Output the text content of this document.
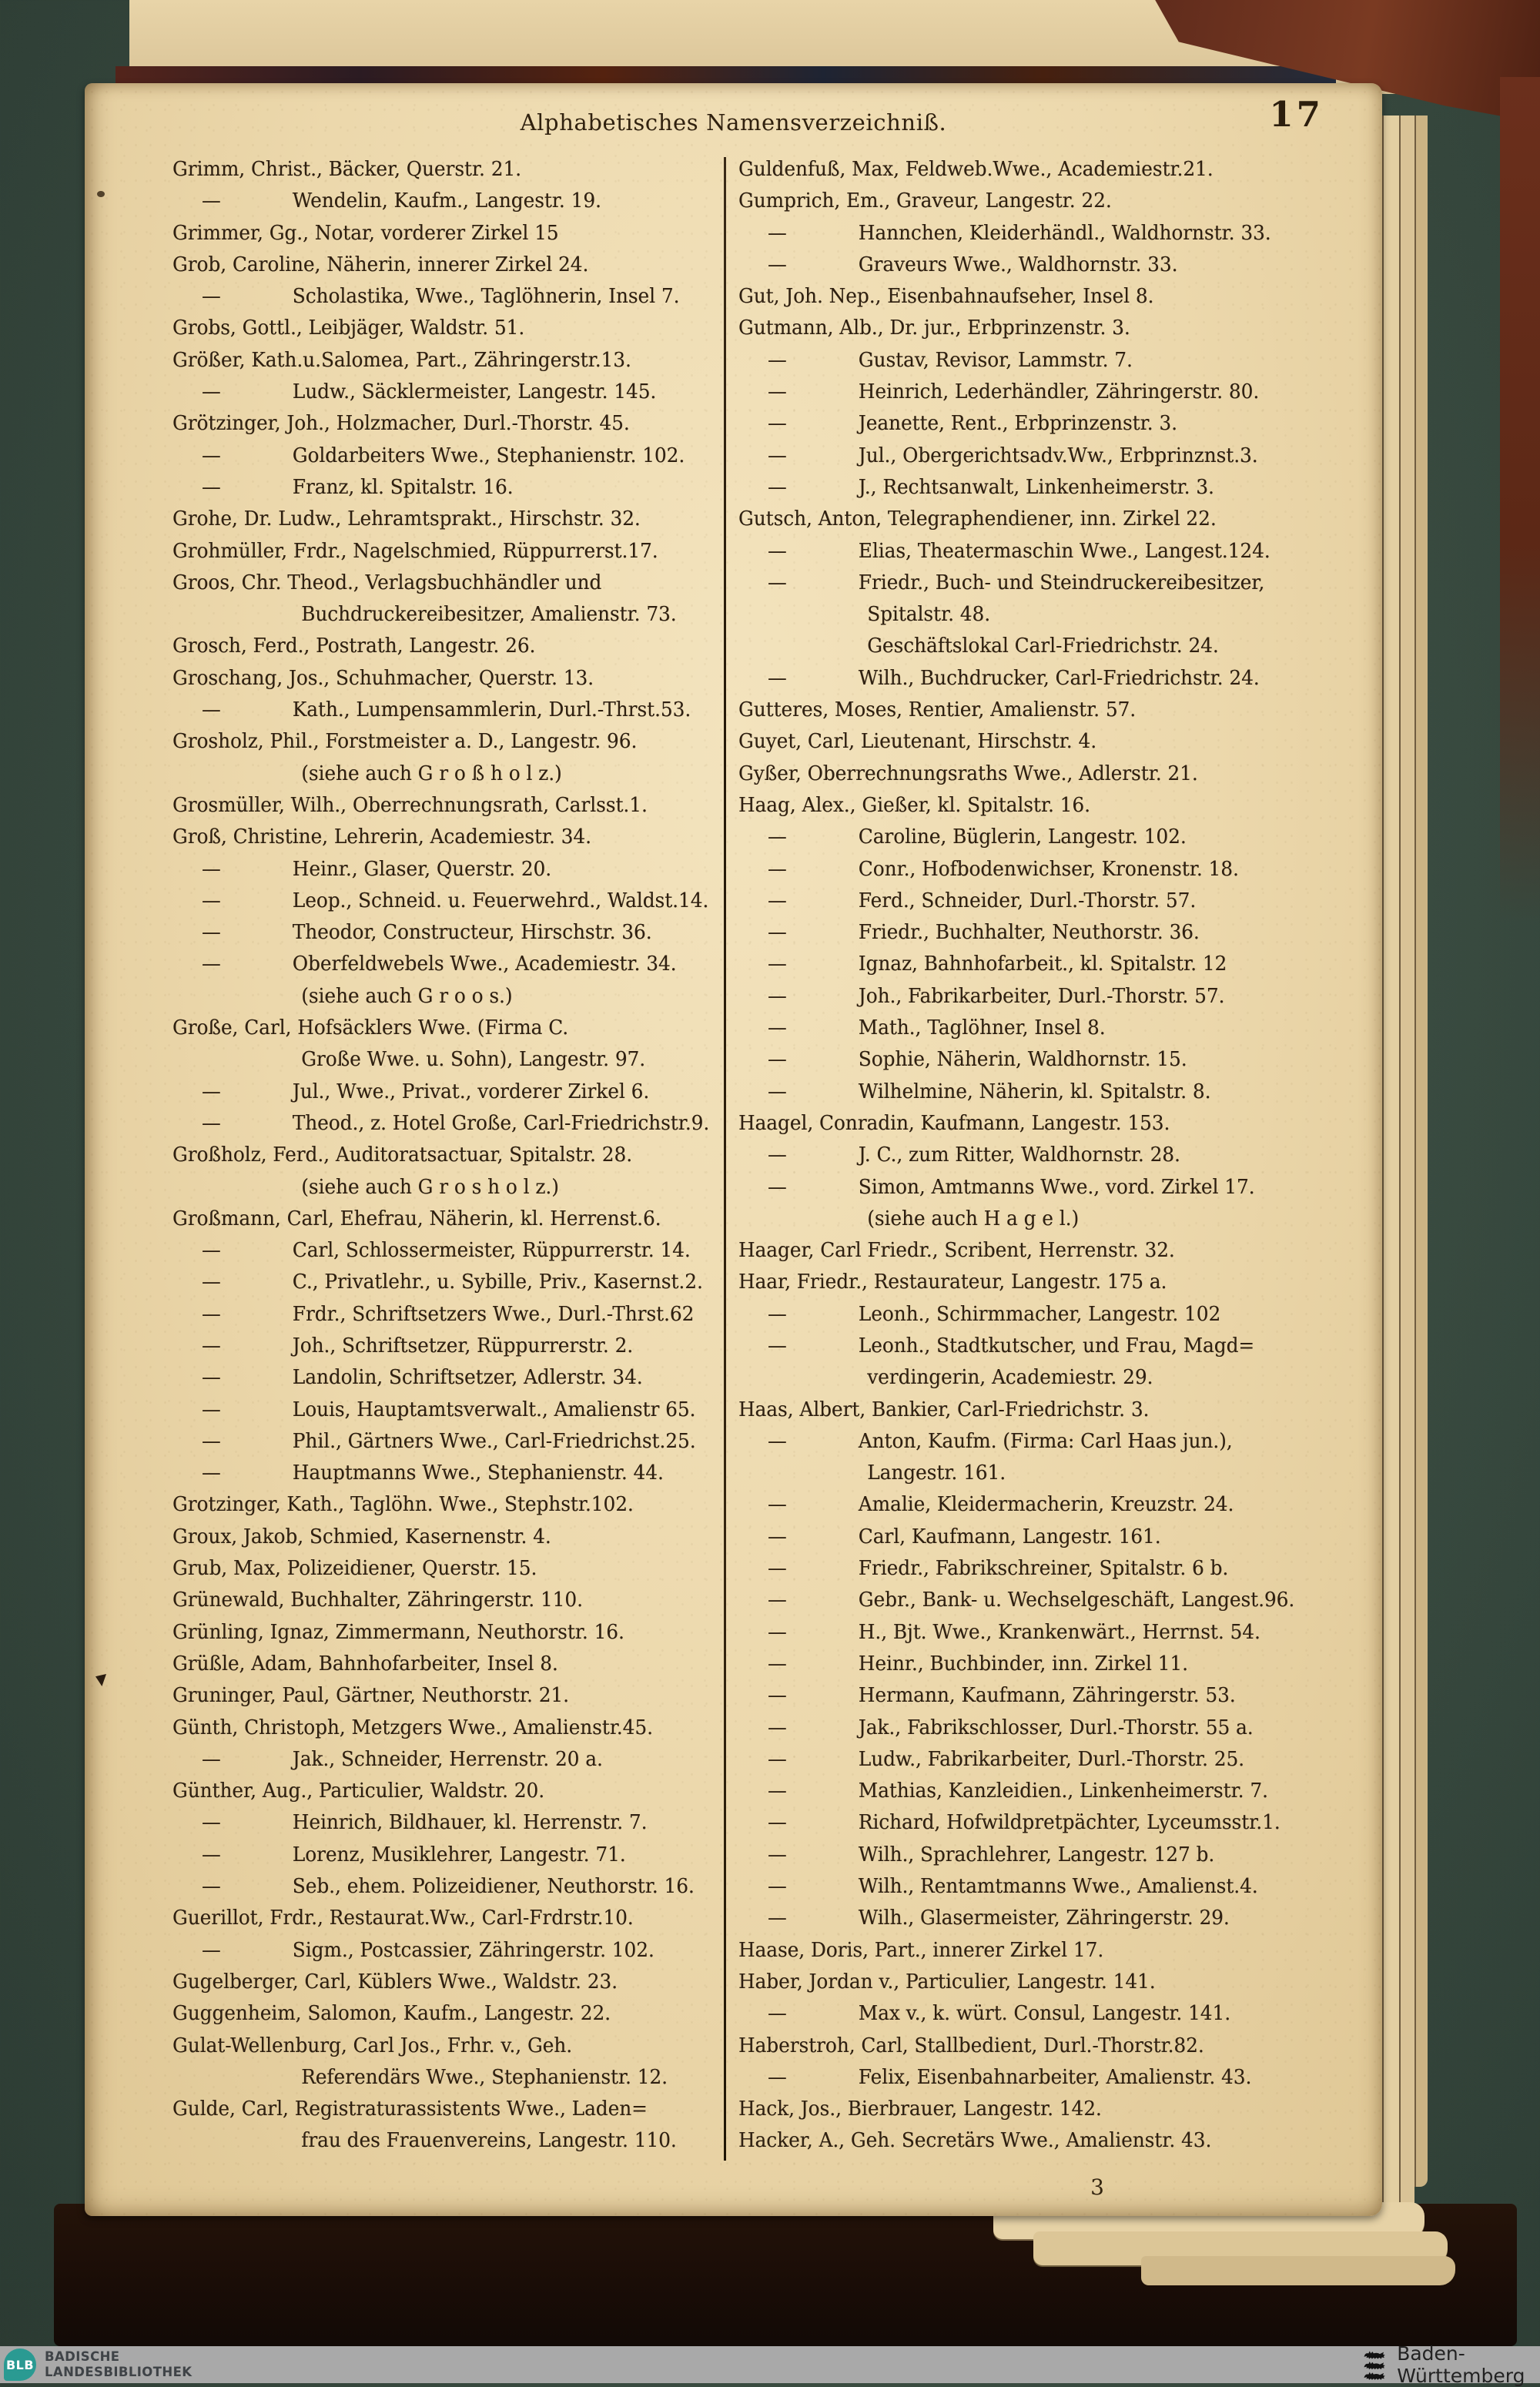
Alphabetisches Namensverzeichniß.	17
Grimm, Christ., Bäcker, Querstr. 21.
—	Wendelin, Kaufm., Langestr. 19.
Grimmer, Gg., Notar, vorderer Zirkel 15
Grob, Caroline, Näherin, innerer Zirkel 24.
—	Scholastika, Wwe., Taglöhnerin, Insel 7.
Grobs, Gottl., Leibjäger, Waldstr. 51.
Größer, Kath.u.Salomea, Part., Zähringerstr.13.
—	Ludw., Säcklermeister, Langestr. 145.
Grötzinger, Joh., Holzmacher, Durl.-Thorstr. 45.
—	Goldarbeiters Wwe., Stephanienstr. 102.
—	Franz, kl. Spitalstr. 16.
Grohe, Dr. Ludw., Lehramtsprakt., Hirschstr. 32.
Grohmüller, Frdr., Nagelschmied, Rüppurrerst.17.
Groos, Chr. Theod., Verlagsbuchhändler und
Buchdruckereibesitzer, Amalienstr. 73.
Grosch, Ferd., Postrath, Langestr. 26.
Groschang, Jos., Schuhmacher, Querstr. 13.
—	Kath., Lumpensammlerin, Durl.-Thrst.53.
Grosholz, Phil., Forstmeister a. D., Langestr. 96.
(siehe auch G r o ß h o l z.)
Grosmüller, Wilh., Oberrechnungsrath, Carlsst.1.
Groß, Christine, Lehrerin, Academiestr. 34.
—	Heinr., Glaser, Querstr. 20.
—	Leop., Schneid. u. Feuerwehrd., Waldst.14.
—	Theodor, Constructeur, Hirschstr. 36.
—	Oberfeldwebels Wwe., Academiestr. 34.
(siehe auch G r o o s.)
Große, Carl, Hofsäcklers Wwe. (Firma C.
Große Wwe. u. Sohn), Langestr. 97.
—	Jul., Wwe., Privat., vorderer Zirkel 6.
—	Theod., z. Hotel Große, Carl-Friedrichstr.9.
Großholz, Ferd., Auditoratsactuar, Spitalstr. 28.
(siehe auch G r o s h o l z.)
Großmann, Carl, Ehefrau, Näherin, kl. Herrenst.6.
—	Carl, Schlossermeister, Rüppurrerstr. 14.
—	C., Privatlehr., u. Sybille, Priv., Kasernst.2.
—	Frdr., Schriftsetzers Wwe., Durl.-Thrst.62
—	Joh., Schriftsetzer, Rüppurrerstr. 2.
—	Landolin, Schriftsetzer, Adlerstr. 34.
—	Louis, Hauptamtsverwalt., Amalienstr 65.
—	Phil., Gärtners Wwe., Carl-Friedrichst.25.
—	Hauptmanns Wwe., Stephanienstr. 44.
Grotzinger, Kath., Taglöhn. Wwe., Stephstr.102.
Groux, Jakob, Schmied, Kasernenstr. 4.
Grub, Max, Polizeidiener, Querstr. 15.
Grünewald, Buchhalter, Zähringerstr. 110.
Grünling, Ignaz, Zimmermann, Neuthorstr. 16.
Grüßle, Adam, Bahnhofarbeiter, Insel 8.
Gruninger, Paul, Gärtner, Neuthorstr. 21.
Günth, Christoph, Metzgers Wwe., Amalienstr.45.
—	Jak., Schneider, Herrenstr. 20 a.
Günther, Aug., Particulier, Waldstr. 20.
—	Heinrich, Bildhauer, kl. Herrenstr. 7.
—	Lorenz, Musiklehrer, Langestr. 71.
—	Seb., ehem. Polizeidiener, Neuthorstr. 16.
Guerillot, Frdr., Restaurat.Ww., Carl-Frdrstr.10.
—	Sigm., Postcassier, Zähringerstr. 102.
Gugelberger, Carl, Küblers Wwe., Waldstr. 23.
Guggenheim, Salomon, Kaufm., Langestr. 22.
Gulat-Wellenburg, Carl Jos., Frhr. v., Geh.
Referendärs Wwe., Stephanienstr. 12.
Gulde, Carl, Registraturassistents Wwe., Laden=
frau des Frauenvereins, Langestr. 110.
Guldenfuß, Max, Feldweb.Wwe., Academiestr.21.
Gumprich, Em., Graveur, Langestr. 22.
—	Hannchen, Kleiderhändl., Waldhornstr. 33.
—	Graveurs Wwe., Waldhornstr. 33.
Gut, Joh. Nep., Eisenbahnaufseher, Insel 8.
Gutmann, Alb., Dr. jur., Erbprinzenstr. 3.
—	Gustav, Revisor, Lammstr. 7.
—	Heinrich, Lederhändler, Zähringerstr. 80.
—	Jeanette, Rent., Erbprinzenstr. 3.
—	Jul., Obergerichtsadv.Ww., Erbprinznst.3.
—	J., Rechtsanwalt, Linkenheimerstr. 3.
Gutsch, Anton, Telegraphendiener, inn. Zirkel 22.
—	Elias, Theatermaschin Wwe., Langest.124.
—	Friedr., Buch- und Steindruckereibesitzer,
Spitalstr. 48.
Geschäftslokal Carl-Friedrichstr. 24.
—	Wilh., Buchdrucker, Carl-Friedrichstr. 24.
Gutteres, Moses, Rentier, Amalienstr. 57.
Guyet, Carl, Lieutenant, Hirschstr. 4.
Gyßer, Oberrechnungsraths Wwe., Adlerstr. 21.
Haag, Alex., Gießer, kl. Spitalstr. 16.
—	Caroline, Büglerin, Langestr. 102.
—	Conr., Hofbodenwichser, Kronenstr. 18.
—	Ferd., Schneider, Durl.-Thorstr. 57.
—	Friedr., Buchhalter, Neuthorstr. 36.
—	Ignaz, Bahnhofarbeit., kl. Spitalstr. 12
—	Joh., Fabrikarbeiter, Durl.-Thorstr. 57.
—	Math., Taglöhner, Insel 8.
—	Sophie, Näherin, Waldhornstr. 15.
—	Wilhelmine, Näherin, kl. Spitalstr. 8.
Haagel, Conradin, Kaufmann, Langestr. 153.
—	J. C., zum Ritter, Waldhornstr. 28.
—	Simon, Amtmanns Wwe., vord. Zirkel 17.
(siehe auch H a g e l.)
Haager, Carl Friedr., Scribent, Herrenstr. 32.
Haar, Friedr., Restaurateur, Langestr. 175 a.
—	Leonh., Schirmmacher, Langestr. 102
—	Leonh., Stadtkutscher, und Frau, Magd=
verdingerin, Academiestr. 29.
Haas, Albert, Bankier, Carl-Friedrichstr. 3.
—	Anton, Kaufm. (Firma: Carl Haas jun.),
Langestr. 161.
—	Amalie, Kleidermacherin, Kreuzstr. 24.
—	Carl, Kaufmann, Langestr. 161.
—	Friedr., Fabrikschreiner, Spitalstr. 6 b.
—	Gebr., Bank- u. Wechselgeschäft, Langest.96.
—	H., Bjt. Wwe., Krankenwärt., Herrnst. 54.
—	Heinr., Buchbinder, inn. Zirkel 11.
—	Hermann, Kaufmann, Zähringerstr. 53.
—	Jak., Fabrikschlosser, Durl.-Thorstr. 55 a.
—	Ludw., Fabrikarbeiter, Durl.-Thorstr. 25.
—	Mathias, Kanzleidien., Linkenheimerstr. 7.
—	Richard, Hofwildpretpächter, Lyceumsstr.1.
—	Wilh., Sprachlehrer, Langestr. 127 b.
—	Wilh., Rentamtmanns Wwe., Amalienst.4.
—	Wilh., Glasermeister, Zähringerstr. 29.
Haase, Doris, Part., innerer Zirkel 17.
Haber, Jordan v., Particulier, Langestr. 141.
—	Max v., k. würt. Consul, Langestr. 141.
Haberstroh, Carl, Stallbedient, Durl.-Thorstr.82.
—	Felix, Eisenbahnarbeiter, Amalienstr. 43.
Hack, Jos., Bierbrauer, Langestr. 142.
Hacker, A., Geh. Secretärs Wwe., Amalienstr. 43.
3
BLB
BADISCHE
LANDESBIBLIOTHEK
Baden-Württemberg
